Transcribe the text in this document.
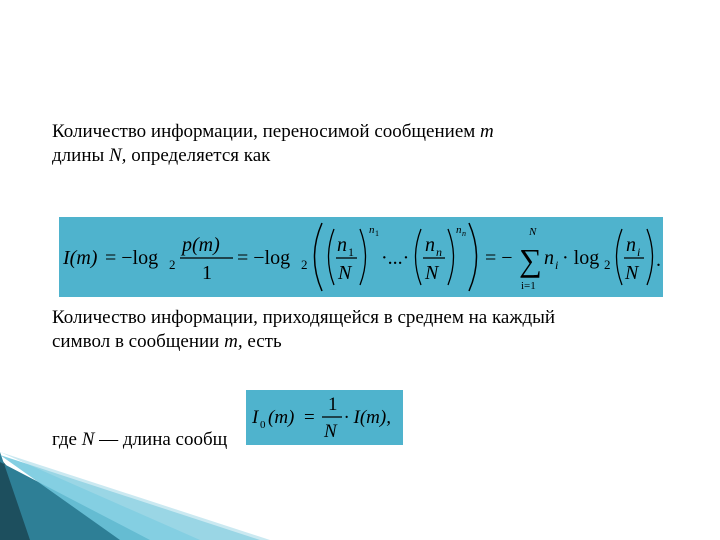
Количество информации, переносимой сообщением m
длины N, определяется как

I(m) = −log 2
p(m)
1
= −log 2
n 1
N
n 1
·...·
n n
N
n n
= −
N
∑
i=1
n i · log 2
n i
N
.

Количество информации, приходящейся в среднем на каждый
символ в сообщении m, есть

где N — длина сообщ

I 0 (m) =
1
N
· I(m),
